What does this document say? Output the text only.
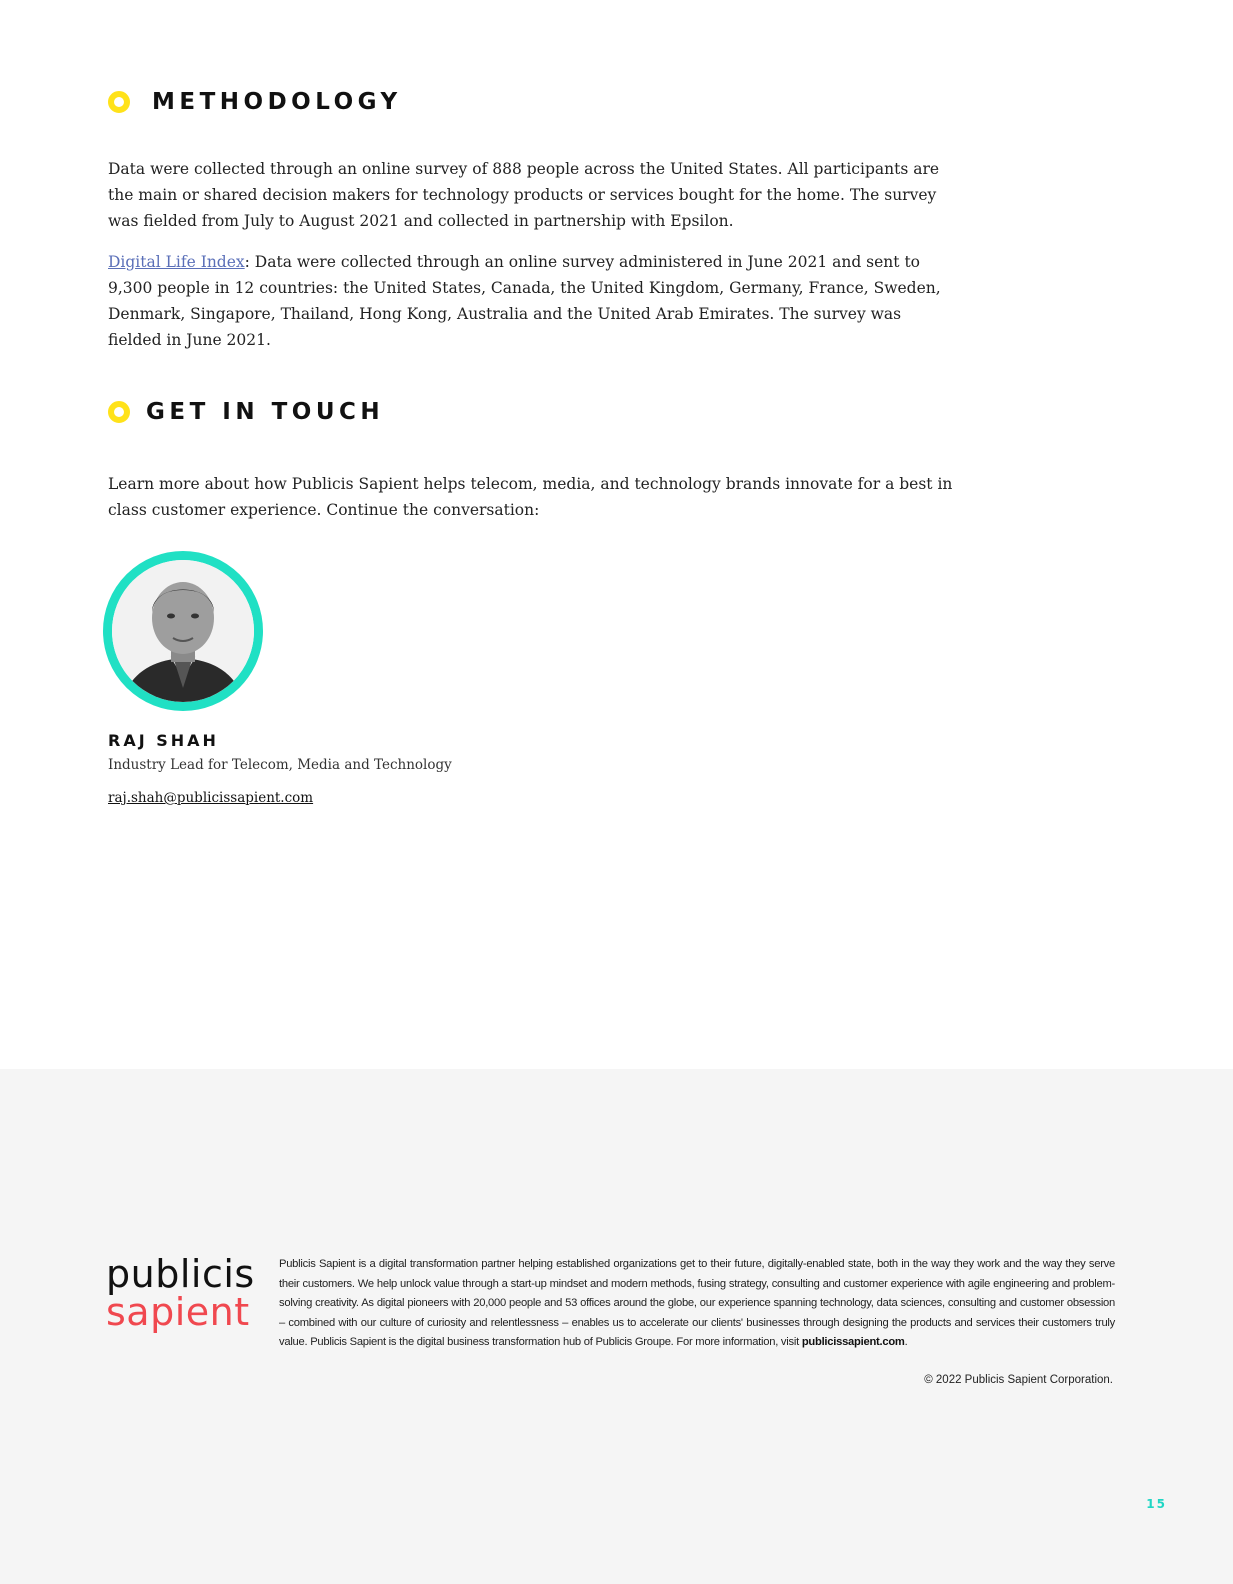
METHODOLOGY

Data were collected through an online survey of 888 people across the United States. All participants are the main or shared decision makers for technology products or services bought for the home. The survey was fielded from July to August 2021 and collected in partnership with Epsilon.

Digital Life Index: Data were collected through an online survey administered in June 2021 and sent to 9,300 people in 12 countries: the United States, Canada, the United Kingdom, Germany, France, Sweden, Denmark, Singapore, Thailand, Hong Kong, Australia and the United Arab Emirates. The survey was fielded in June 2021.

GET IN TOUCH

Learn more about how Publicis Sapient helps telecom, media, and technology brands innovate for a best in class customer experience. Continue the conversation:

RAJ SHAH
Industry Lead for Telecom, Media and Technology
raj.shah@publicissapient.com
publicis
sapient

Publicis Sapient is a digital transformation partner helping established organizations get to their future, digitally-enabled state, both in the way they work and the way they serve their customers. We help unlock value through a start-up mindset and modern methods, fusing strategy, consulting and customer experience with agile engineering and problem-solving creativity. As digital pioneers with 20,000 people and 53 offices around the globe, our experience spanning technology, data sciences, consulting and customer obsession – combined with our culture of curiosity and relentlessness – enables us to accelerate our clients' businesses through designing the products and services their customers truly value. Publicis Sapient is the digital business transformation hub of Publicis Groupe. For more information, visit publicissapient.com.

© 2022 Publicis Sapient Corporation.
15
